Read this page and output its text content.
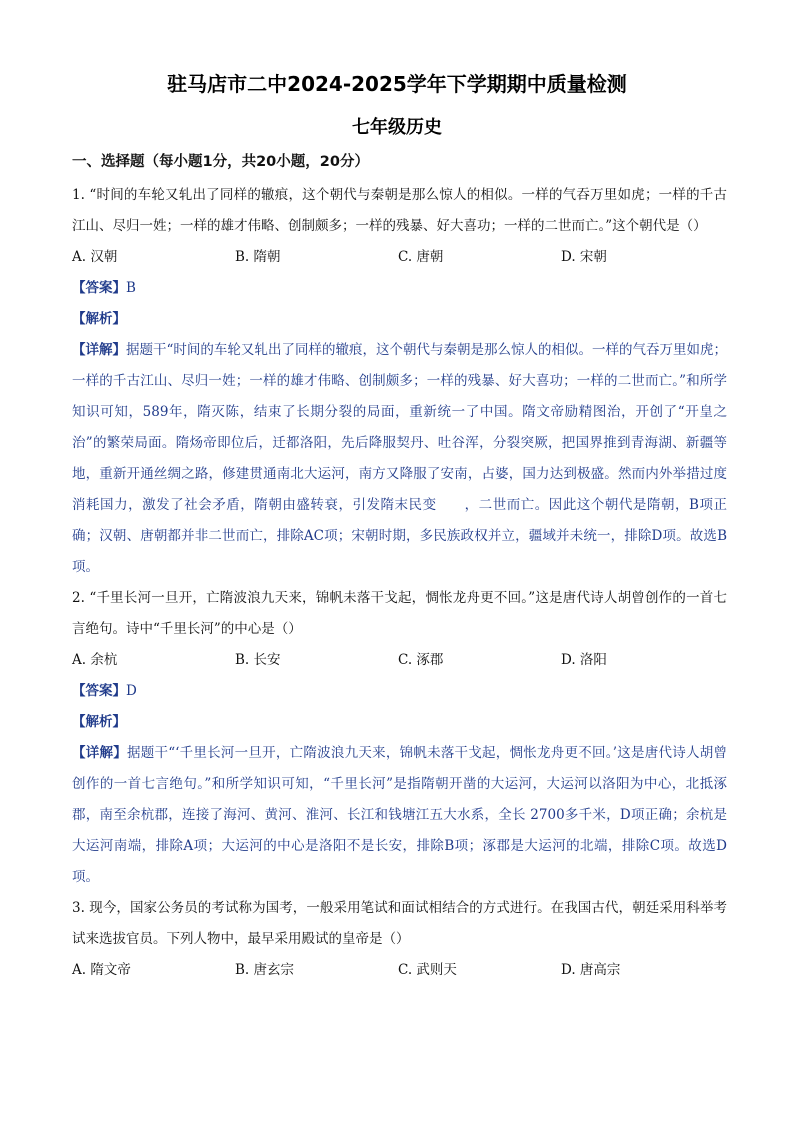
驻马店市二中2024-2025学年下学期期中质量检测
七年级历史
一、选择题（每小题1分，共20小题，20分）

1. “时间的车轮又轧出了同样的辙痕，这个朝代与秦朝是那么惊人的相似。一样的气吞万里如虎；一样的千古江山、尽归一姓；一样的雄才伟略、创制颇多；一样的残暴、好大喜功；一样的二世而亡。”这个朝代是（）

A. 汉朝	B. 隋朝	C. 唐朝	D. 宋朝

【答案】B

【解析】

【详解】据题干“时间的车轮又轧出了同样的辙痕，这个朝代与秦朝是那么惊人的相似。一样的气吞万里如虎；一样的千古江山、尽归一姓；一样的雄才伟略、创制颇多；一样的残暴、好大喜功；一样的二世而亡。”和所学知识可知，589年，隋灭陈，结束了长期分裂的局面，重新统一了中国。隋文帝励精图治，开创了“开皇之治”的繁荣局面。隋炀帝即位后，迁都洛阳，先后降服契丹、吐谷浑，分裂突厥，把国界推到青海湖、新疆等地，重新开通丝绸之路，修建贯通南北大运河，南方又降服了安南，占婆，国力达到极盛。然而内外举措过度消耗国力，激发了社会矛盾，隋朝由盛转衰，引发隋末民变　　，二世而亡。因此这个朝代是隋朝，B项正确；汉朝、唐朝都并非二世而亡，排除AC项；宋朝时期，多民族政权并立，疆域并未统一，排除D项。故选B项。

2. “千里长河一旦开，亡隋波浪九天来，锦帆未落干戈起，惆怅龙舟更不回。”这是唐代诗人胡曾创作的一首七言绝句。诗中“千里长河”的中心是（）

A. 余杭	B. 长安	C. 涿郡	D. 洛阳

【答案】D

【解析】

【详解】据题干“‘千里长河一旦开，亡隋波浪九天来，锦帆未落干戈起，惆怅龙舟更不回。’这是唐代诗人胡曾创作的一首七言绝句。”和所学知识可知，“千里长河”是指隋朝开凿的大运河，大运河以洛阳为中心，北抵涿郡，南至余杭郡，连接了海河、黄河、淮河、长江和钱塘江五大水系，全长 2700多千米，D项正确；余杭是大运河南端，排除A项；大运河的中心是洛阳不是长安，排除B项；涿郡是大运河的北端，排除C项。故选D项。

3. 现今，国家公务员的考试称为国考，一般采用笔试和面试相结合的方式进行。在我国古代，朝廷采用科举考试来选拔官员。下列人物中，最早采用殿试的皇帝是（）

A. 隋文帝	B. 唐玄宗	C. 武则天	D. 唐高宗
